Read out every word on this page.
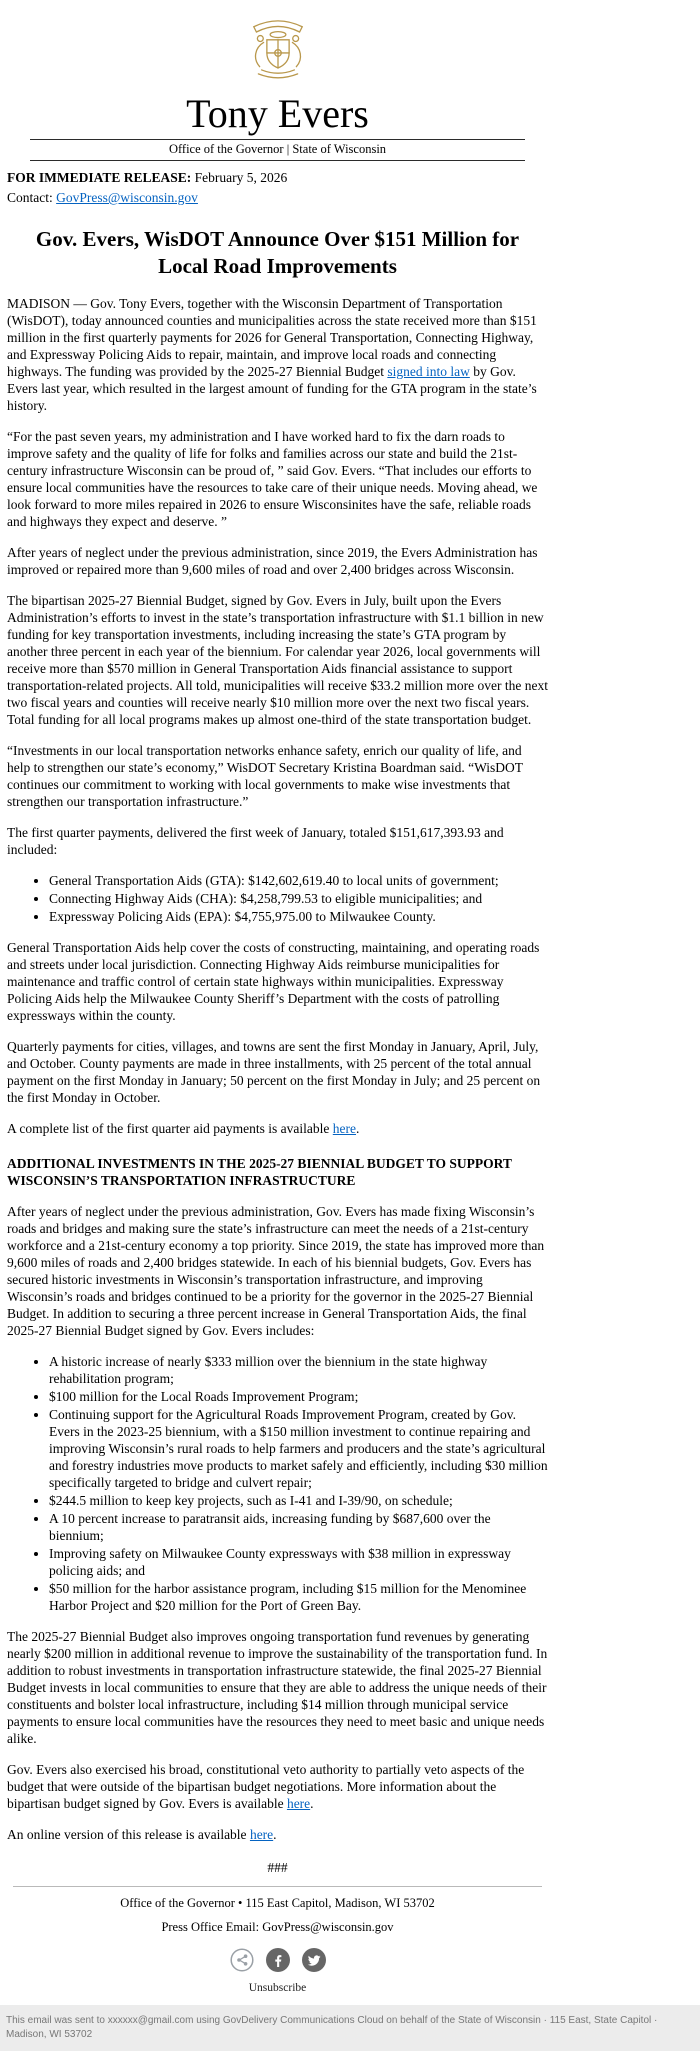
Tony Evers
Office of the Governor | State of Wisconsin

FOR IMMEDIATE RELEASE: February 5, 2026

Contact: GovPress@wisconsin.gov

Gov. Evers, WisDOT Announce Over $151 Million for Local Road Improvements

MADISON — Gov. Tony Evers, together with the Wisconsin Department of Transportation (WisDOT), today announced counties and municipalities across the state received more than $151 million in the first quarterly payments for 2026 for General Transportation, Connecting Highway, and Expressway Policing Aids to repair, maintain, and improve local roads and connecting highways. The funding was provided by the 2025-27 Biennial Budget signed into law by Gov. Evers last year, which resulted in the largest amount of funding for the GTA program in the state’s history.

“For the past seven years, my administration and I have worked hard to fix the darn roads to improve safety and the quality of life for folks and families across our state and build the 21st-century infrastructure Wisconsin can be proud of, ” said Gov. Evers. “That includes our efforts to ensure local communities have the resources to take care of their unique needs. Moving ahead, we look forward to more miles repaired in 2026 to ensure Wisconsinites have the safe, reliable roads and highways they expect and deserve. ”

After years of neglect under the previous administration, since 2019, the Evers Administration has improved or repaired more than 9,600 miles of road and over 2,400 bridges across Wisconsin.

The bipartisan 2025-27 Biennial Budget, signed by Gov. Evers in July, built upon the Evers Administration’s efforts to invest in the state’s transportation infrastructure with $1.1 billion in new funding for key transportation investments, including increasing the state’s GTA program by another three percent in each year of the biennium. For calendar year 2026, local governments will receive more than $570 million in General Transportation Aids financial assistance to support transportation-related projects. All told, municipalities will receive $33.2 million more over the next two fiscal years and counties will receive nearly $10 million more over the next two fiscal years. Total funding for all local programs makes up almost one-third of the state transportation budget.

“Investments in our local transportation networks enhance safety, enrich our quality of life, and help to strengthen our state’s economy,” WisDOT Secretary Kristina Boardman said. “WisDOT continues our commitment to working with local governments to make wise investments that strengthen our transportation infrastructure.”

The first quarter payments, delivered the first week of January, totaled $151,617,393.93 and included:

• General Transportation Aids (GTA): $142,602,619.40 to local units of government;
• Connecting Highway Aids (CHA): $4,258,799.53 to eligible municipalities; and
• Expressway Policing Aids (EPA): $4,755,975.00 to Milwaukee County.

General Transportation Aids help cover the costs of constructing, maintaining, and operating roads and streets under local jurisdiction. Connecting Highway Aids reimburse municipalities for maintenance and traffic control of certain state highways within municipalities. Expressway Policing Aids help the Milwaukee County Sheriff’s Department with the costs of patrolling expressways within the county.

Quarterly payments for cities, villages, and towns are sent the first Monday in January, April, July, and October. County payments are made in three installments, with 25 percent of the total annual payment on the first Monday in January; 50 percent on the first Monday in July; and 25 percent on the first Monday in October.

A complete list of the first quarter aid payments is available here.

ADDITIONAL INVESTMENTS IN THE 2025-27 BIENNIAL BUDGET TO SUPPORT WISCONSIN’S TRANSPORTATION INFRASTRUCTURE

After years of neglect under the previous administration, Gov. Evers has made fixing Wisconsin’s roads and bridges and making sure the state’s infrastructure can meet the needs of a 21st-century workforce and a 21st-century economy a top priority. Since 2019, the state has improved more than 9,600 miles of roads and 2,400 bridges statewide. In each of his biennial budgets, Gov. Evers has secured historic investments in Wisconsin’s transportation infrastructure, and improving Wisconsin’s roads and bridges continued to be a priority for the governor in the 2025-27 Biennial Budget. In addition to securing a three percent increase in General Transportation Aids, the final 2025-27 Biennial Budget signed by Gov. Evers includes:

• A historic increase of nearly $333 million over the biennium in the state highway rehabilitation program;
• $100 million for the Local Roads Improvement Program;
• Continuing support for the Agricultural Roads Improvement Program, created by Gov. Evers in the 2023-25 biennium, with a $150 million investment to continue repairing and improving Wisconsin’s rural roads to help farmers and producers and the state’s agricultural and forestry industries move products to market safely and efficiently, including $30 million specifically targeted to bridge and culvert repair;
• $244.5 million to keep key projects, such as I-41 and I-39/90, on schedule;
• A 10 percent increase to paratransit aids, increasing funding by $687,600 over the biennium;
• Improving safety on Milwaukee County expressways with $38 million in expressway policing aids; and
• $50 million for the harbor assistance program, including $15 million for the Menominee Harbor Project and $20 million for the Port of Green Bay.

The 2025-27 Biennial Budget also improves ongoing transportation fund revenues by generating nearly $200 million in additional revenue to improve the sustainability of the transportation fund. In addition to robust investments in transportation infrastructure statewide, the final 2025-27 Biennial Budget invests in local communities to ensure that they are able to address the unique needs of their constituents and bolster local infrastructure, including $14 million through municipal service payments to ensure local communities have the resources they need to meet basic and unique needs alike.

Gov. Evers also exercised his broad, constitutional veto authority to partially veto aspects of the budget that were outside of the bipartisan budget negotiations. More information about the bipartisan budget signed by Gov. Evers is available here.

An online version of this release is available here.

###

Office of the Governor • 115 East Capitol, Madison, WI 53702

Press Office Email: GovPress@wisconsin.gov

Unsubscribe

This email was sent to xxxxxx@gmail.com using GovDelivery Communications Cloud on behalf of the State of Wisconsin · 115 East, State Capitol · Madison, WI 53702
